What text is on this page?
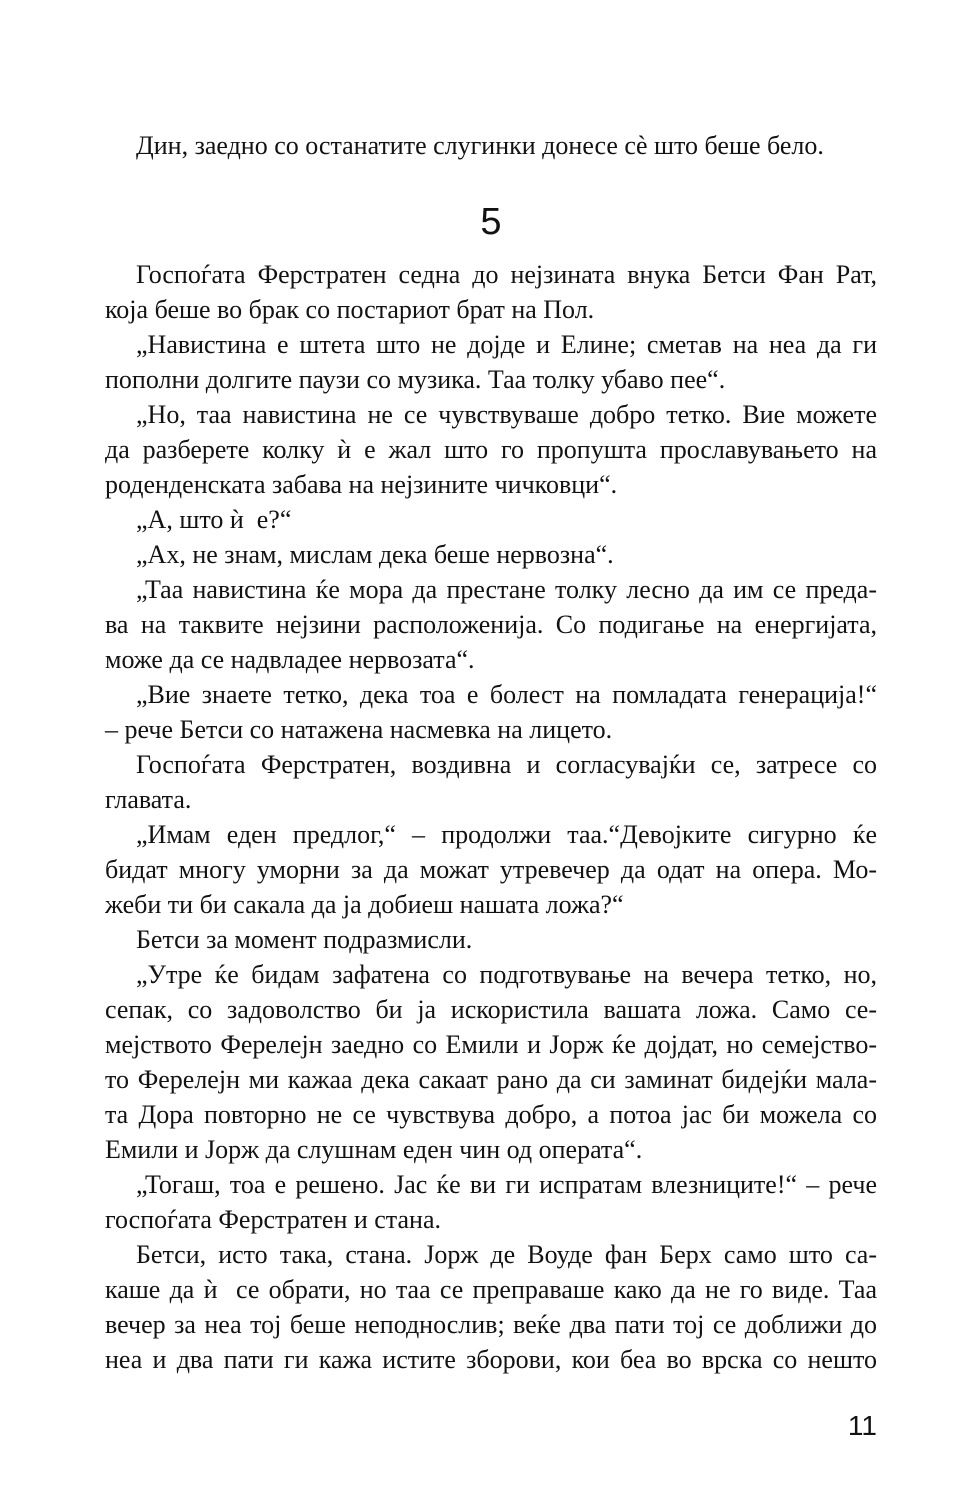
Дин, заедно со останатите слугинки донесе сѐ што беше бело.
5
Госпоѓата Ферстратен седна до нејзината внука Бетси Фан Рат,
која беше во брак со постариот брат на Пол.
„Навистина е штета што не дојде и Елине; сметав на неа да ги
пополни долгите паузи со музика. Таа толку убаво пее“.
„Но, таа навистина не се чувствуваше добро тетко. Вие можете
да разберете колку ѝ е жал што го пропушта прославувањето на
роденденската забава на нејзините чичковци“.
„А, што ѝ  е?“
„Ах, не знам, мислам дека беше нервозна“.
„Таа навистина ќе мора да престане толку лесно да им се преда-
ва на таквите нејзини расположенија. Со подигање на енергијата,
може да се надвладее нервозата“.
„Вие знаете тетко, дека тоа е болест на помладата генерација!“
– рече Бетси со натажена насмевка на лицето.
Госпоѓата Ферстратен, воздивна и согласувајќи се, затресе со
главата.
„Имам еден предлог,“ – продолжи таа.“Девојките сигурно ќе
бидат многу уморни за да можат утревечер да одат на опера. Мо-
жеби ти би сакала да ја добиеш нашата ложа?“
Бетси за момент подразмисли.
„Утре ќе бидам зафатена со подготвување на вечера тетко, но,
сепак, со задоволство би ја искористила вашата ложа. Само се-
мејството Ферелејн заедно со Емили и Јорж ќе дојдат, но семејство-
то Ферелејн ми кажаа дека сакаат рано да си заминат бидејќи мала-
та Дора повторно не се чувствува добро, а потоа јас би можела со
Емили и Јорж да слушнам еден чин од операта“.
„Тогаш, тоа е решено. Јас ќе ви ги испратам влезниците!“ – рече
госпоѓата Ферстратен и стана.
Бетси, исто така, стана. Јорж де Воуде фан Берх само што са-
каше да ѝ  се обрати, но таа се преправаше како да не го виде. Таа
вечер за неа тој беше неподнослив; веќе два пати тој се доближи до
неа и два пати ги кажа истите зборови, кои беа во врска со нешто
11
